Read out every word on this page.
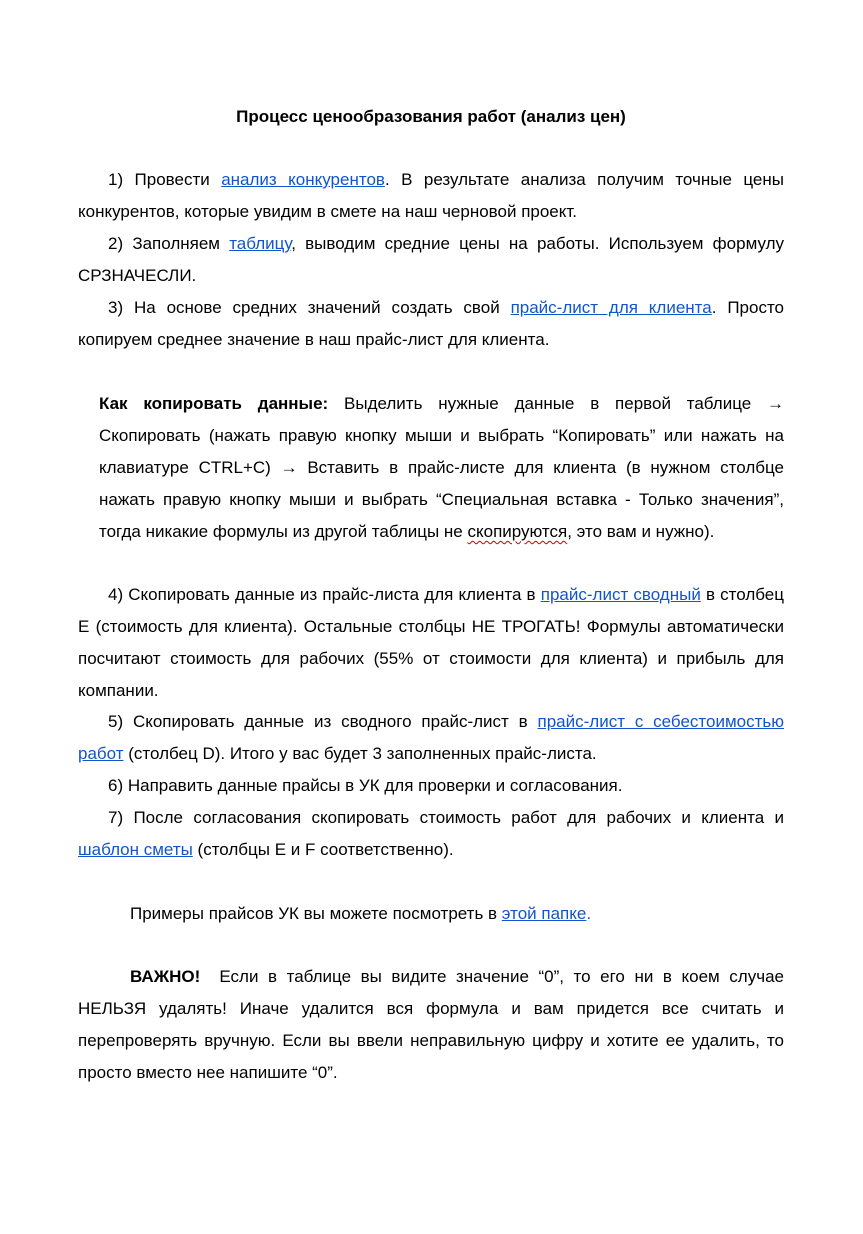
Процесс ценообразования работ (анализ цен)

1) Провести анализ конкурентов. В результате анализа получим точные цены конкурентов, которые увидим в смете на наш черновой проект.

2) Заполняем таблицу, выводим средние цены на работы. Используем формулу СРЗНАЧЕСЛИ.

3) На основе средних значений создать свой прайс-лист для клиента. Просто копируем среднее значение в наш прайс-лист для клиента.

Как копировать данные: Выделить нужные данные в первой таблице → Скопировать (нажать правую кнопку мыши и выбрать “Копировать” или нажать на клавиатуре CTRL+C) → Вставить в прайс-листе для клиента (в нужном столбце нажать правую кнопку мыши и выбрать “Специальная вставка - Только значения”, тогда никакие формулы из другой таблицы не скопируются, это вам и нужно).

4) Скопировать данные из прайс-листа для клиента в прайс-лист сводный в столбец E (стоимость для клиента). Остальные столбцы НЕ ТРОГАТЬ! Формулы автоматически посчитают стоимость для рабочих (55% от стоимости для клиента) и прибыль для компании.

5) Скопировать данные из сводного прайс-лист в прайс-лист с себестоимостью работ (столбец D). Итого у вас будет 3 заполненных прайс-листа.

6) Направить данные прайсы в УК для проверки и согласования.

7) После согласования скопировать стоимость работ для рабочих и клиента и шаблон сметы (столбцы E и F соответственно).

Примеры прайсов УК вы можете посмотреть в этой папке.

ВАЖНО!  Если в таблице вы видите значение “0”, то его ни в коем случае НЕЛЬЗЯ удалять! Иначе удалится вся формула и вам придется все считать и перепроверять вручную. Если вы ввели неправильную цифру и хотите ее удалить, то просто вместо нее напишите “0”.
